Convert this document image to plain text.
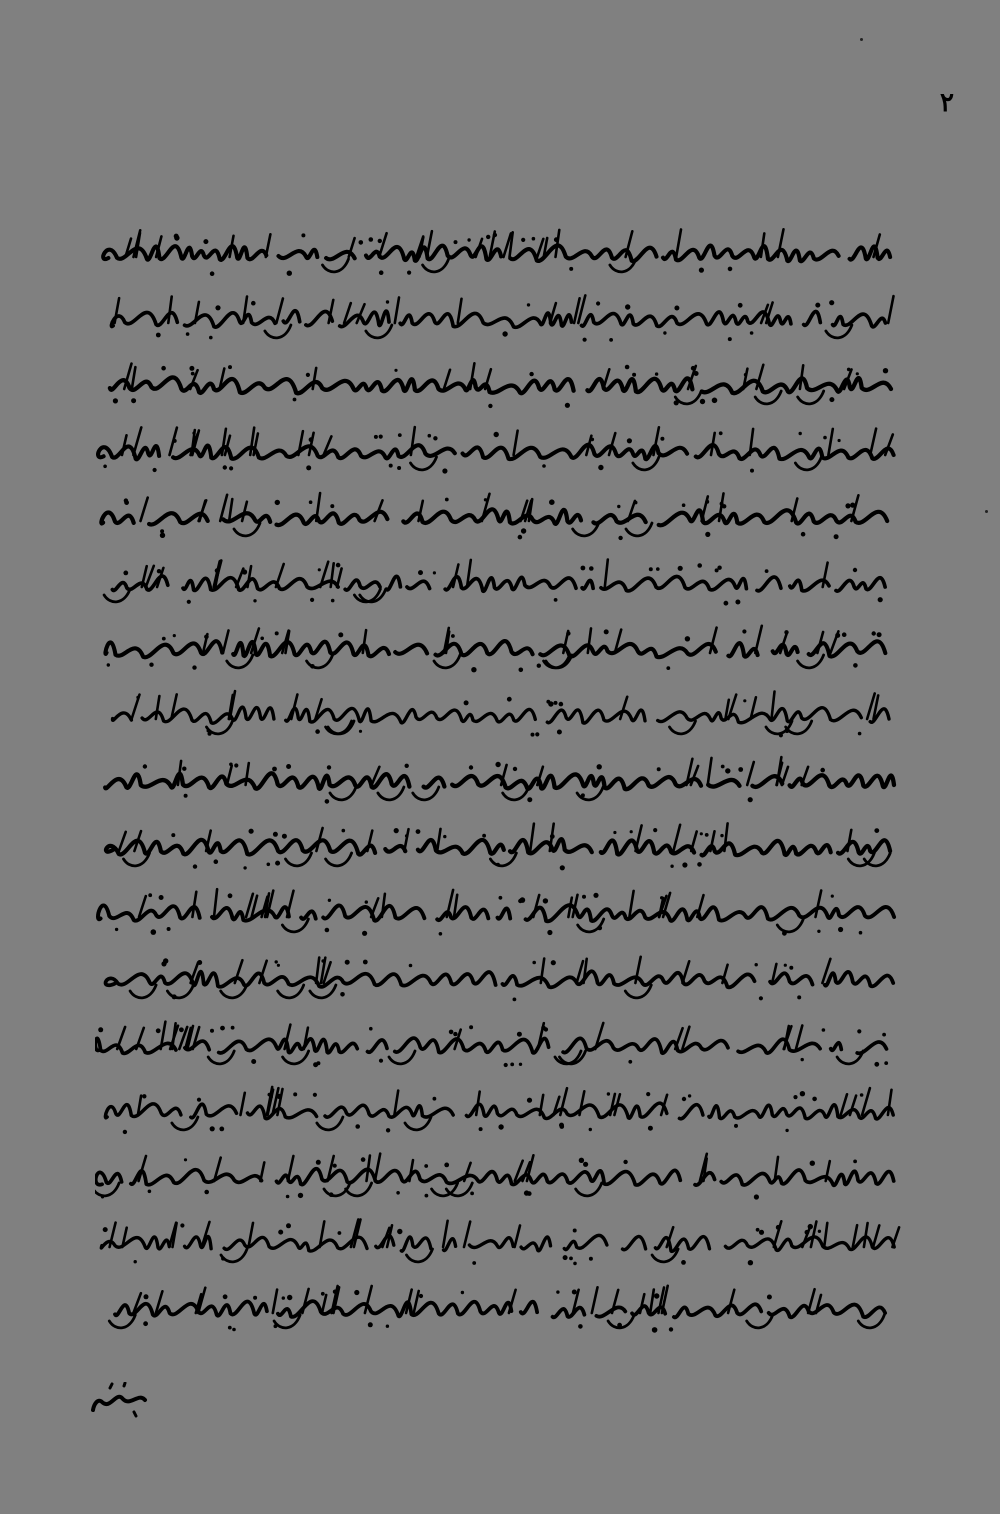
۲
